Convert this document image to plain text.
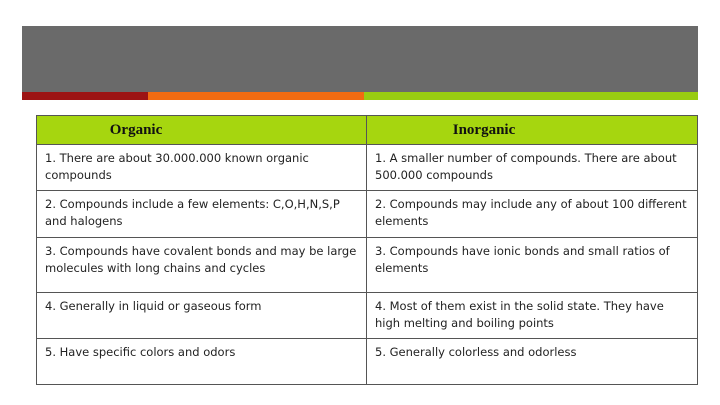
Organic	Inorganic
1. There are about 30.000.000 known organic compounds	1. A smaller number of compounds. There are about 500.000 compounds
2. Compounds include a few elements: C,O,H,N,S,P and halogens	2. Compounds may include any of about 100 different elements
3. Compounds have covalent bonds and may be large molecules with long chains and cycles	3. Compounds have ionic bonds and small ratios of elements
4. Generally in liquid or gaseous form	4. Most of them exist in the solid state. They have high melting and boiling points
5. Have specific colors and odors	5. Generally colorless and odorless
